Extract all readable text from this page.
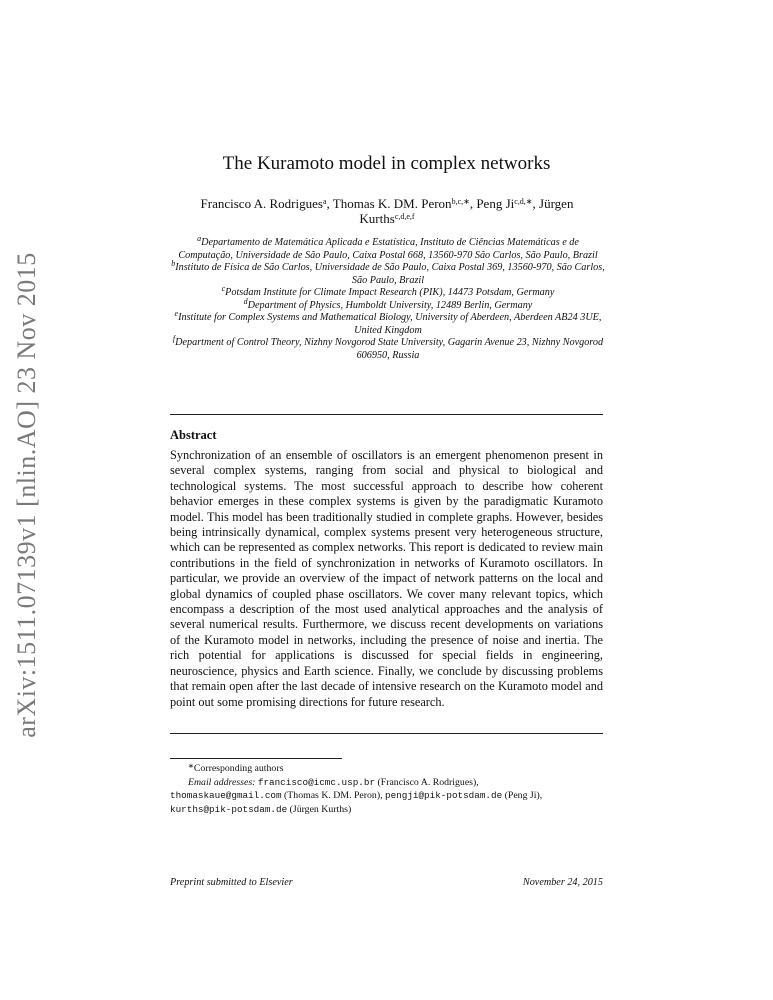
arXiv:1511.07139v1 [nlin.AO] 23 Nov 2015
The Kuramoto model in complex networks
Francisco A. Rodrigues$^a$, Thomas K. DM. Peron$^{b,c,∗}$, Peng $Ji^{c,d,∗}$, Jürgen Kurths$^{c,d,e,f}$
$^a$Departamento de Matemática Aplicada e Estatística, Instituto de Ciências Matemáticas e de Computação, Universidade de São Paulo, Caixa Postal 668, 13560-970 São Carlos, São Paulo, Brazil
$^b$Instituto de Física de São Carlos, Universidade de São Paulo, Caixa Postal 369, 13560-970, São Carlos, São Paulo, Brazil
$^c$Potsdam Institute for Climate Impact Research (PIK), 14473 Potsdam, Germany
$^d$Department of Physics, Humboldt University, 12489 Berlin, Germany
$^e$Institute for Complex Systems and Mathematical Biology, University of Aberdeen, Aberdeen AB24 3UE, United Kingdom
$^f$Department of Control Theory, Nizhny Novgorod State University, Gagarin Avenue 23, Nizhny Novgorod 606950, Russia
Abstract
Synchronization of an ensemble of oscillators is an emergent phenomenon present in several complex systems, ranging from social and physical to biological and technological systems. The most successful approach to describe how coherent behavior emerges in these complex systems is given by the paradigmatic Kuramoto model. This model has been traditionally studied in complete graphs. However, besides being intrinsically dynamical, complex systems present very heterogeneous structure, which can be represented as complex networks. This report is dedicated to review main contributions in the field of synchronization in networks of Kuramoto oscillators. In particular, we provide an overview of the impact of network patterns on the local and global dynamics of coupled phase oscillators. We cover many relevant topics, which encompass a description of the most used analytical approaches and the analysis of several numerical results. Furthermore, we discuss recent developments on variations of the Kuramoto model in networks, including the presence of noise and inertia. The rich potential for applications is discussed for special fields in engineering, neuroscience, physics and Earth science. Finally, we conclude by discussing problems that remain open after the last decade of intensive research on the Kuramoto model and point out some promising directions for future research.
∗Corresponding authors
Email addresses: francisco@icmc.usp.br (Francisco A. Rodrigues),
thomaskaue@gmail.com (Thomas K. DM. Peron), pengji@pik-potsdam.de (Peng Ji),
kurths@pik-potsdam.de (Jürgen Kurths)
Preprint submitted to Elsevier	November 24, 2015
